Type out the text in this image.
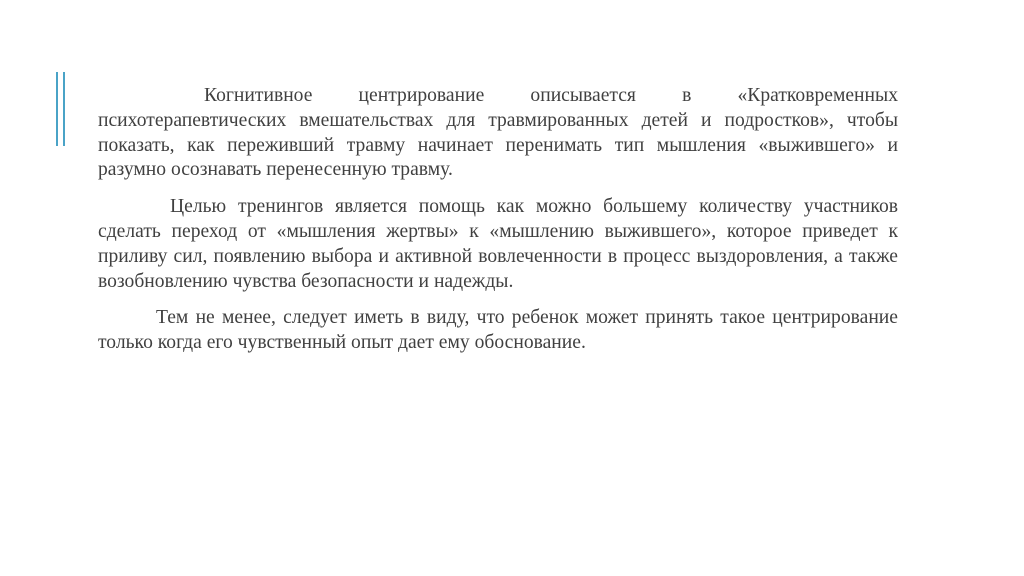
Когнитивное центрирование описывается в «Кратковременных психотерапевтических вмешательствах для травмированных детей и подростков», чтобы показать, как переживший травму начинает перенимать тип мышления «выжившего» и разумно осознавать перенесенную травму.

Целью тренингов является помощь как можно большему количеству участников сделать переход от «мышления жертвы» к «мышлению выжившего», которое приведет к приливу сил, появлению выбора и активной вовлеченности в процесс выздоровления, а также возобновлению чувства безопасности и надежды.

Тем не менее, следует иметь в виду, что ребенок может принять такое центрирование только когда его чувственный опыт дает ему обоснование.
